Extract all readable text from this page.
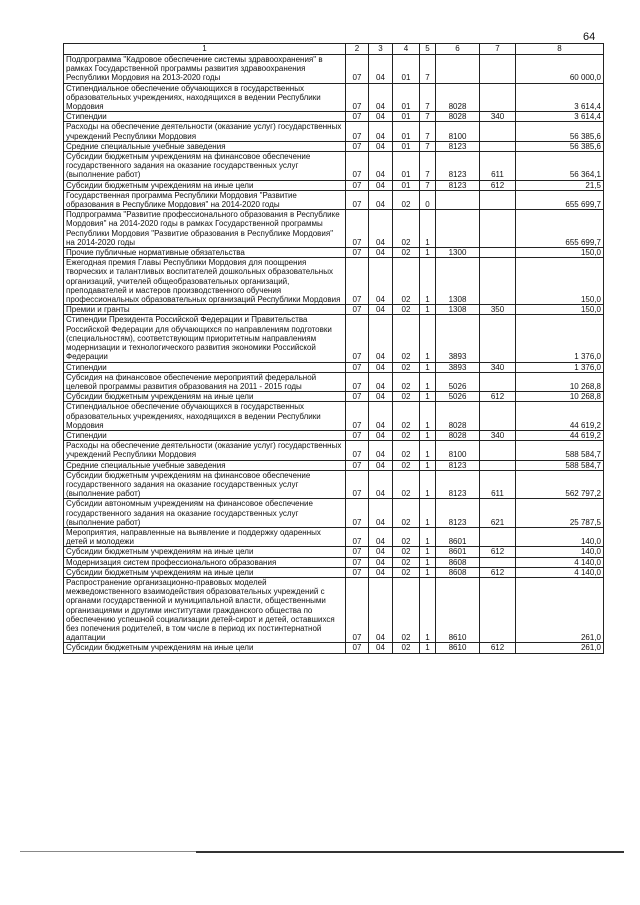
64
1	2	3	4	5	6	7	8
Подпрограмма "Кадровое обеспечение системы здравоохранения" в рамках Государственной программы развития здравоохранения Республики Мордовия на 2013-2020 годы	07	04	01	7			60 000,0
Стипендиальное обеспечение обучающихся в государственных образовательных учреждениях, находящихся в ведении Республики Мордовия	07	04	01	7	8028		3 614,4
Стипендии	07	04	01	7	8028	340	3 614,4
Расходы на обеспечение деятельности (оказание услуг) государственных учреждений Республики Мордовия	07	04	01	7	8100		56 385,6
Средние специальные учебные заведения	07	04	01	7	8123		56 385,6
Субсидии бюджетным учреждениям на финансовое обеспечение государственного задания на оказание государственных услуг (выполнение работ)	07	04	01	7	8123	611	56 364,1
Субсидии бюджетным учреждениям на иные цели	07	04	01	7	8123	612	21,5
Государственная программа Республики Мордовия "Развитие образования в Республике Мордовия" на 2014-2020 годы	07	04	02	0			655 699,7
Подпрограмма "Развитие профессионального образования в Республике Мордовия" на 2014-2020 годы в рамках Государственной программы Республики Мордовия "Развитие образования в Республике Мордовия" на 2014-2020 годы	07	04	02	1			655 699,7
Прочие публичные нормативные обязательства	07	04	02	1	1300		150,0
Ежегодная премия Главы Республики Мордовия для поощрения творческих и талантливых воспитателей дошкольных образовательных организаций, учителей общеобразовательных организаций, преподавателей и мастеров производственного обучения профессиональных образовательных организаций Республики Мордовия	07	04	02	1	1308		150,0
Премии и гранты	07	04	02	1	1308	350	150,0
Стипендии Президента Российской Федерации и Правительства Российской Федерации для обучающихся по направлениям подготовки (специальностям), соответствующим приоритетным направлениям модернизации и технологического развития экономики Российской Федерации	07	04	02	1	3893		1 376,0
Стипендии	07	04	02	1	3893	340	1 376,0
Субсидия на финансовое обеспечение мероприятий федеральной целевой программы развития образования на 2011 - 2015 годы	07	04	02	1	5026		10 268,8
Субсидии бюджетным учреждениям на иные цели	07	04	02	1	5026	612	10 268,8
Стипендиальное обеспечение обучающихся в государственных образовательных учреждениях, находящихся в ведении Республики Мордовия	07	04	02	1	8028		44 619,2
Стипендии	07	04	02	1	8028	340	44 619,2
Расходы на обеспечение деятельности (оказание услуг) государственных учреждений Республики Мордовия	07	04	02	1	8100		588 584,7
Средние специальные учебные заведения	07	04	02	1	8123		588 584,7
Субсидии бюджетным учреждениям на финансовое обеспечение государственного задания на оказание государственных услуг (выполнение работ)	07	04	02	1	8123	611	562 797,2
Субсидии автономным учреждениям на финансовое обеспечение государственного задания на оказание государственных услуг (выполнение работ)	07	04	02	1	8123	621	25 787,5
Мероприятия, направленные на выявление и поддержку одаренных детей и молодежи	07	04	02	1	8601		140,0
Субсидии бюджетным учреждениям на иные цели	07	04	02	1	8601	612	140,0
Модернизация систем профессионального образования	07	04	02	1	8608		4 140,0
Субсидии бюджетным учреждениям на иные цели	07	04	02	1	8608	612	4 140,0
Распространение организационно-правовых моделей межведомственного взаимодействия образовательных учреждений с органами государственной и муниципальной власти, общественными организациями и другими институтами гражданского общества по обеспечению успешной социализации детей-сирот и детей, оставшихся без попечения родителей, в том числе в период их постинтернатной адаптации	07	04	02	1	8610		261,0
Субсидии бюджетным учреждениям на иные цели	07	04	02	1	8610	612	261,0
